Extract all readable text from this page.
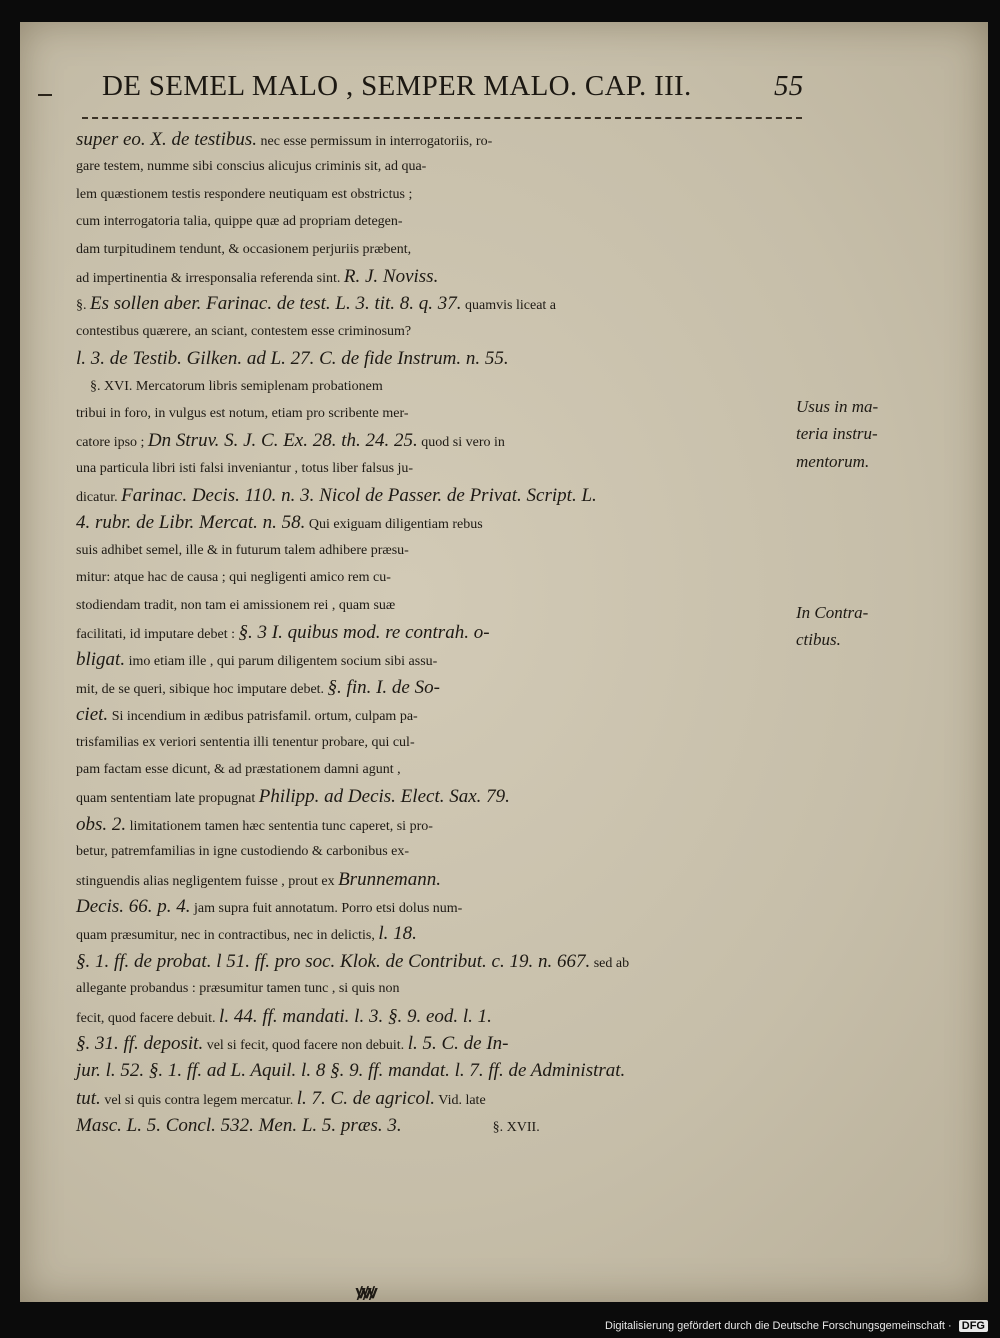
DE SEMEL MALO , SEMPER MALO. CAP. III.	55
super eo. X. de testibus. nec esse permissum in interrogatoriis, ro-
gare testem, numme sibi conscius alicujus criminis sit, ad qua-
lem quæstionem testis respondere neutiquam est obstrictus ;
cum interrogatoria talia, quippe quæ ad propriam detegen-
dam turpitudinem tendunt, & occasionem perjuriis præbent,
ad impertinentia & irresponsalia referenda sint. R. J. Noviss.
§. Es sollen aber. Farinac. de test. L. 3. tit. 8. q. 37. quamvis liceat a
contestibus quærere, an sciant, contestem esse criminosum?
l. 3. de Testib. Gilken. ad L. 27. C. de fide Instrum. n. 55.
§. XVI. Mercatorum libris semiplenam probationem
tribui in foro, in vulgus est notum, etiam pro scribente mer-
catore ipso ; Dn Struv. S. J. C. Ex. 28. th. 24. 25. quod si vero in
una particula libri isti falsi inveniantur , totus liber falsus ju-
dicatur. Farinac. Decis. 110. n. 3. Nicol de Passer. de Privat. Script. L.
4. rubr. de Libr. Mercat. n. 58. Qui exiguam diligentiam rebus
suis adhibet semel, ille & in futurum talem adhibere præsu-
mitur: atque hac de causa ; qui negligenti amico rem cu-
stodiendam tradit, non tam ei amissionem rei , quam suæ
facilitati, id imputare debet : §. 3 I. quibus mod. re contrah. o-
bligat. imo etiam ille , qui parum diligentem socium sibi assu-
mit, de se queri, sibique hoc imputare debet. §. fin. I. de So-
ciet. Si incendium in ædibus patrisfamil. ortum, culpam pa-
trisfamilias ex veriori sententia illi tenentur probare, qui cul-
pam factam esse dicunt, & ad præstationem damni agunt ,
quam sententiam late propugnat Philipp. ad Decis. Elect. Sax. 79.
obs. 2. limitationem tamen hæc sententia tunc caperet, si pro-
betur, patremfamilias in igne custodiendo & carbonibus ex-
stinguendis alias negligentem fuisse , prout ex Brunnemann.
Decis. 66. p. 4. jam supra fuit annotatum. Porro etsi dolus num-
quam præsumitur, nec in contractibus, nec in delictis, l. 18.
§. 1. ff. de probat. l 51. ff. pro soc. Klok. de Contribut. c. 19. n. 667. sed ab
allegante probandus : præsumitur tamen tunc , si quis non
fecit, quod facere debuit. l. 44. ff. mandati. l. 3. §. 9. eod. l. 1.
§. 31. ff. deposit. vel si fecit, quod facere non debuit. l. 5. C. de In-
jur. l. 52. §. 1. ff. ad L. Aquil. l. 8 §. 9. ff. mandat. l. 7. ff. de Administrat.
tut. vel si quis contra legem mercatur. l. 7. C. de agricol. Vid. late
Masc. L. 5. Concl. 532. Men. L. 5. præs. 3.                          §. XVII.
Usus in ma-
teria instru-
mentorum.
In Contra-
ctibus.
ꝟꝟꝟ
Digitalisierung gefördert durch die Deutsche Forschungsgemeinschaft · DFG
